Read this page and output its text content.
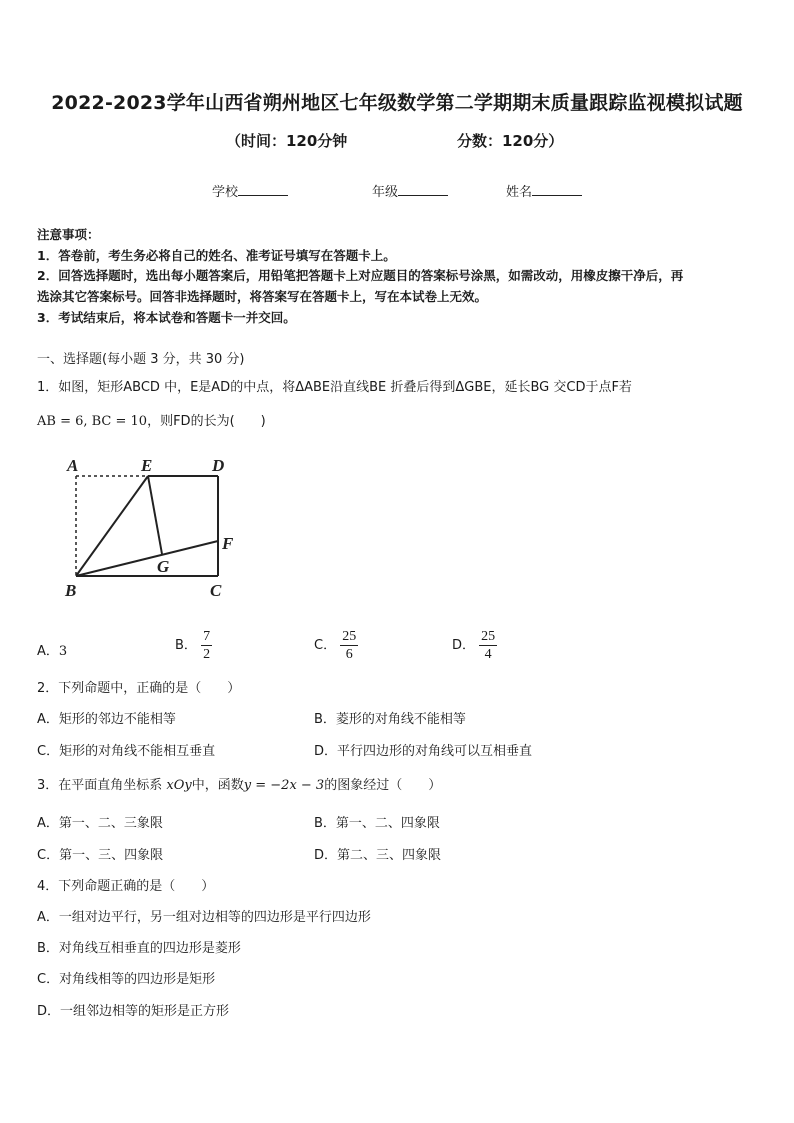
2022-2023学年山西省朔州地区七年级数学第二学期期末质量跟踪监视模拟试题
（时间：120分钟	分数：120分）
学校	年级	姓名
注意事项：
1．答卷前，考生务必将自己的姓名、准考证号填写在答题卡上。
2．回答选择题时，选出每小题答案后，用铅笔把答题卡上对应题目的答案标号涂黑，如需改动，用橡皮擦干净后，再
选涂其它答案标号。回答非选择题时，将答案写在答题卡上，写在本试卷上无效。
3．考试结束后，将本试卷和答题卡一并交回。
一、选择题(每小题 3 分，共 30 分)
1．如图，矩形ABCD 中，E是AD的中点，将ΔABE沿直线BE 折叠后得到ΔGBE，延长BG 交CD于点F若
AB = 6, BC = 10，则FD的长为(　　)
A	E	D
F
G
B	C
A．3	B． $\frac{7}{2}$	C． $\frac{25}{6}$	D． $\frac{25}{4}$
2．下列命题中，正确的是（　　）
A．矩形的邻边不能相等	B．菱形的对角线不能相等
C．矩形的对角线不能相互垂直	D．平行四边形的对角线可以互相垂直
3．在平面直角坐标系 xOy中，函数y = −2x − 3的图象经过（　　）
A．第一、二、三象限	B．第一、二、四象限
C．第一、三、四象限	D．第二、三、四象限
4．下列命题正确的是（　　）
A．一组对边平行，另一组对边相等的四边形是平行四边形
B．对角线互相垂直的四边形是菱形
C．对角线相等的四边形是矩形
D．一组邻边相等的矩形是正方形
